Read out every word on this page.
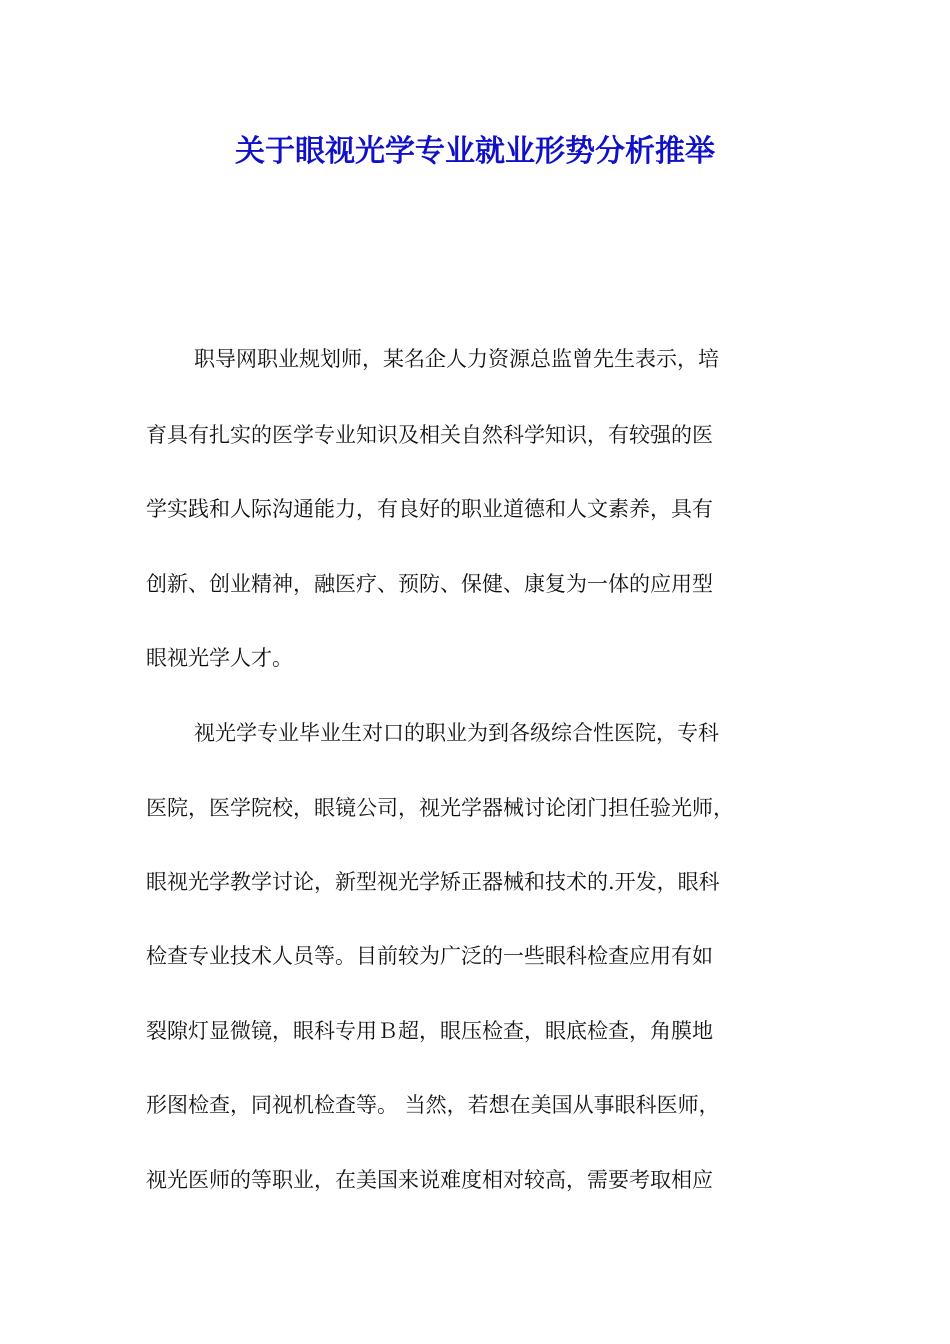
关于眼视光学专业就业形势分析推举
职导网职业规划师，某名企人力资源总监曾先生表示，培
育具有扎实的医学专业知识及相关自然科学知识，有较强的医
学实践和人际沟通能力，有良好的职业道德和人文素养，具有
创新、创业精神，融医疗、预防、保健、康复为一体的应用型
眼视光学人才。
视光学专业毕业生对口的职业为到各级综合性医院，专科
医院，医学院校，眼镜公司，视光学器械讨论闭门担任验光师，
眼视光学教学讨论，新型视光学矫正器械和技术的.开发，眼科
检查专业技术人员等。目前较为广泛的一些眼科检查应用有如
裂隙灯显微镜，眼科专用Ｂ超，眼压检查，眼底检查，角膜地
形图检查，同视机检查等。 当然，若想在美国从事眼科医师，
视光医师的等职业，在美国来说难度相对较高，需要考取相应
